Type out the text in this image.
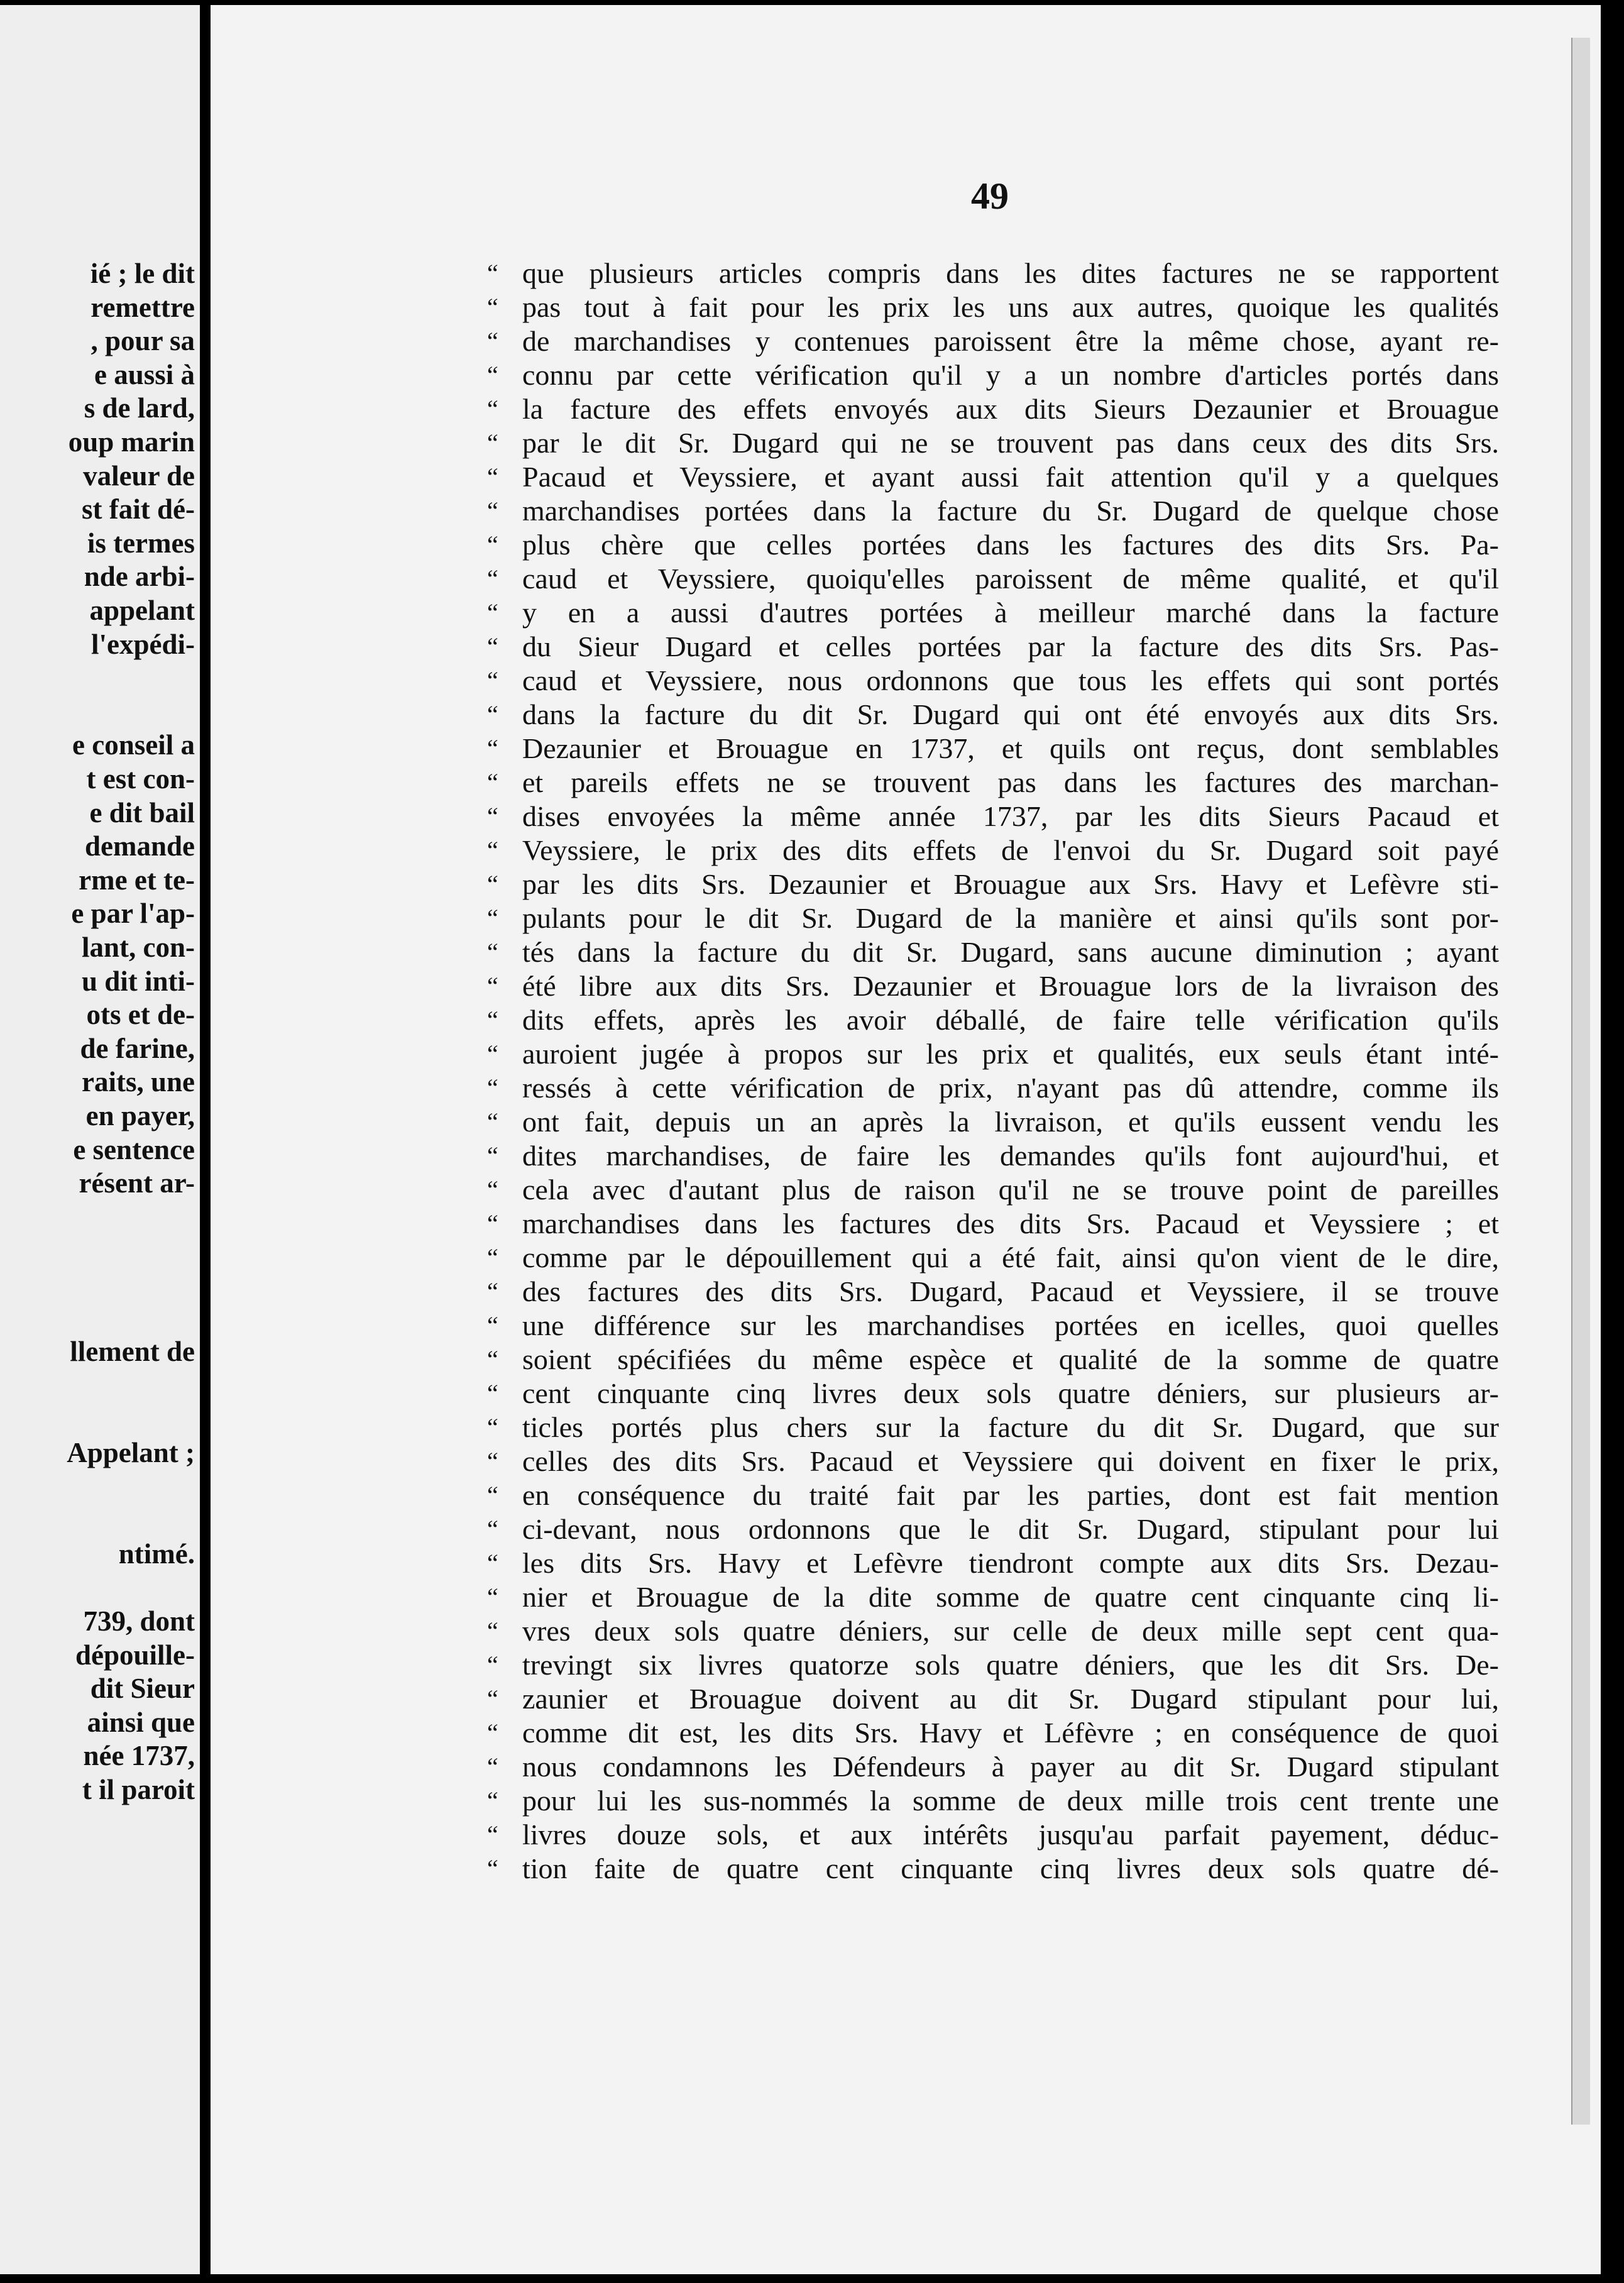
ié ; le dit
remettre
, pour sa
e aussi à
s de lard,
oup marin
valeur de
st fait dé-
is termes
nde arbi-
appelant
l'expédi-
e conseil a
t est con-
e dit bail
demande
rme et te-
e par l'ap-
lant, con-
u dit inti-
ots et de-
de farine,
raits, une
en payer,
e sentence
résent ar-
llement de
Appelant ;
ntimé.
739, dont
dépouille-
dit Sieur
ainsi que
née 1737,
t il paroit
49
“ que plusieurs articles compris dans les dites factures ne se rapportent
“ pas tout à fait pour les prix les uns aux autres, quoique les qualités
“ de marchandises y contenues paroissent être la même chose, ayant re-
“ connu par cette vérification qu'il y a un nombre d'articles portés dans
“ la facture des effets envoyés aux dits Sieurs Dezaunier et Brouague
“ par le dit Sr. Dugard qui ne se trouvent pas dans ceux des dits Srs.
“ Pacaud et Veyssiere, et ayant aussi fait attention qu'il y a quelques
“ marchandises portées dans la facture du Sr. Dugard de quelque chose
“ plus chère que celles portées dans les factures des dits Srs. Pa-
“ caud et Veyssiere, quoiqu'elles paroissent de même qualité, et qu'il
“ y en a aussi d'autres portées à meilleur marché dans la facture
“ du Sieur Dugard et celles portées par la facture des dits Srs. Pas-
“ caud et Veyssiere, nous ordonnons que tous les effets qui sont portés
“ dans la facture du dit Sr. Dugard qui ont été envoyés aux dits Srs.
“ Dezaunier et Brouague en 1737, et quils ont reçus, dont semblables
“ et pareils effets ne se trouvent pas dans les factures des marchan-
“ dises envoyées la même année 1737, par les dits Sieurs Pacaud et
“ Veyssiere, le prix des dits effets de l'envoi du Sr. Dugard soit payé
“ par les dits Srs. Dezaunier et Brouague aux Srs. Havy et Lefèvre sti-
“ pulants pour le dit Sr. Dugard de la manière et ainsi qu'ils sont por-
“ tés dans la facture du dit Sr. Dugard, sans aucune diminution ; ayant
“ été libre aux dits Srs. Dezaunier et Brouague lors de la livraison des
“ dits effets, après les avoir déballé, de faire telle vérification qu'ils
“ auroient jugée à propos sur les prix et qualités, eux seuls étant inté-
“ ressés à cette vérification de prix, n'ayant pas dû attendre, comme ils
“ ont fait, depuis un an après la livraison, et qu'ils eussent vendu les
“ dites marchandises, de faire les demandes qu'ils font aujourd'hui, et
“ cela avec d'autant plus de raison qu'il ne se trouve point de pareilles
“ marchandises dans les factures des dits Srs. Pacaud et Veyssiere ; et
“ comme par le dépouillement qui a été fait, ainsi qu'on vient de le dire,
“ des factures des dits Srs. Dugard, Pacaud et Veyssiere, il se trouve
“ une différence sur les marchandises portées en icelles, quoi quelles
“ soient spécifiées du même espèce et qualité de la somme de quatre
“ cent cinquante cinq livres deux sols quatre déniers, sur plusieurs ar-
“ ticles portés plus chers sur la facture du dit Sr. Dugard, que sur
“ celles des dits Srs. Pacaud et Veyssiere qui doivent en fixer le prix,
“ en conséquence du traité fait par les parties, dont est fait mention
“ ci-devant, nous ordonnons que le dit Sr. Dugard, stipulant pour lui
“ les dits Srs. Havy et Lefèvre tiendront compte aux dits Srs. Dezau-
“ nier et Brouague de la dite somme de quatre cent cinquante cinq li-
“ vres deux sols quatre déniers, sur celle de deux mille sept cent qua-
“ trevingt six livres quatorze sols quatre déniers, que les dit Srs. De-
“ zaunier et Brouague doivent au dit Sr. Dugard stipulant pour lui,
“ comme dit est, les dits Srs. Havy et Léfèvre ; en conséquence de quoi
“ nous condamnons les Défendeurs à payer au dit Sr. Dugard stipulant
“ pour lui les sus-nommés la somme de deux mille trois cent trente une
“ livres douze sols, et aux intérêts jusqu'au parfait payement, déduc-
“ tion faite de quatre cent cinquante cinq livres deux sols quatre dé-
